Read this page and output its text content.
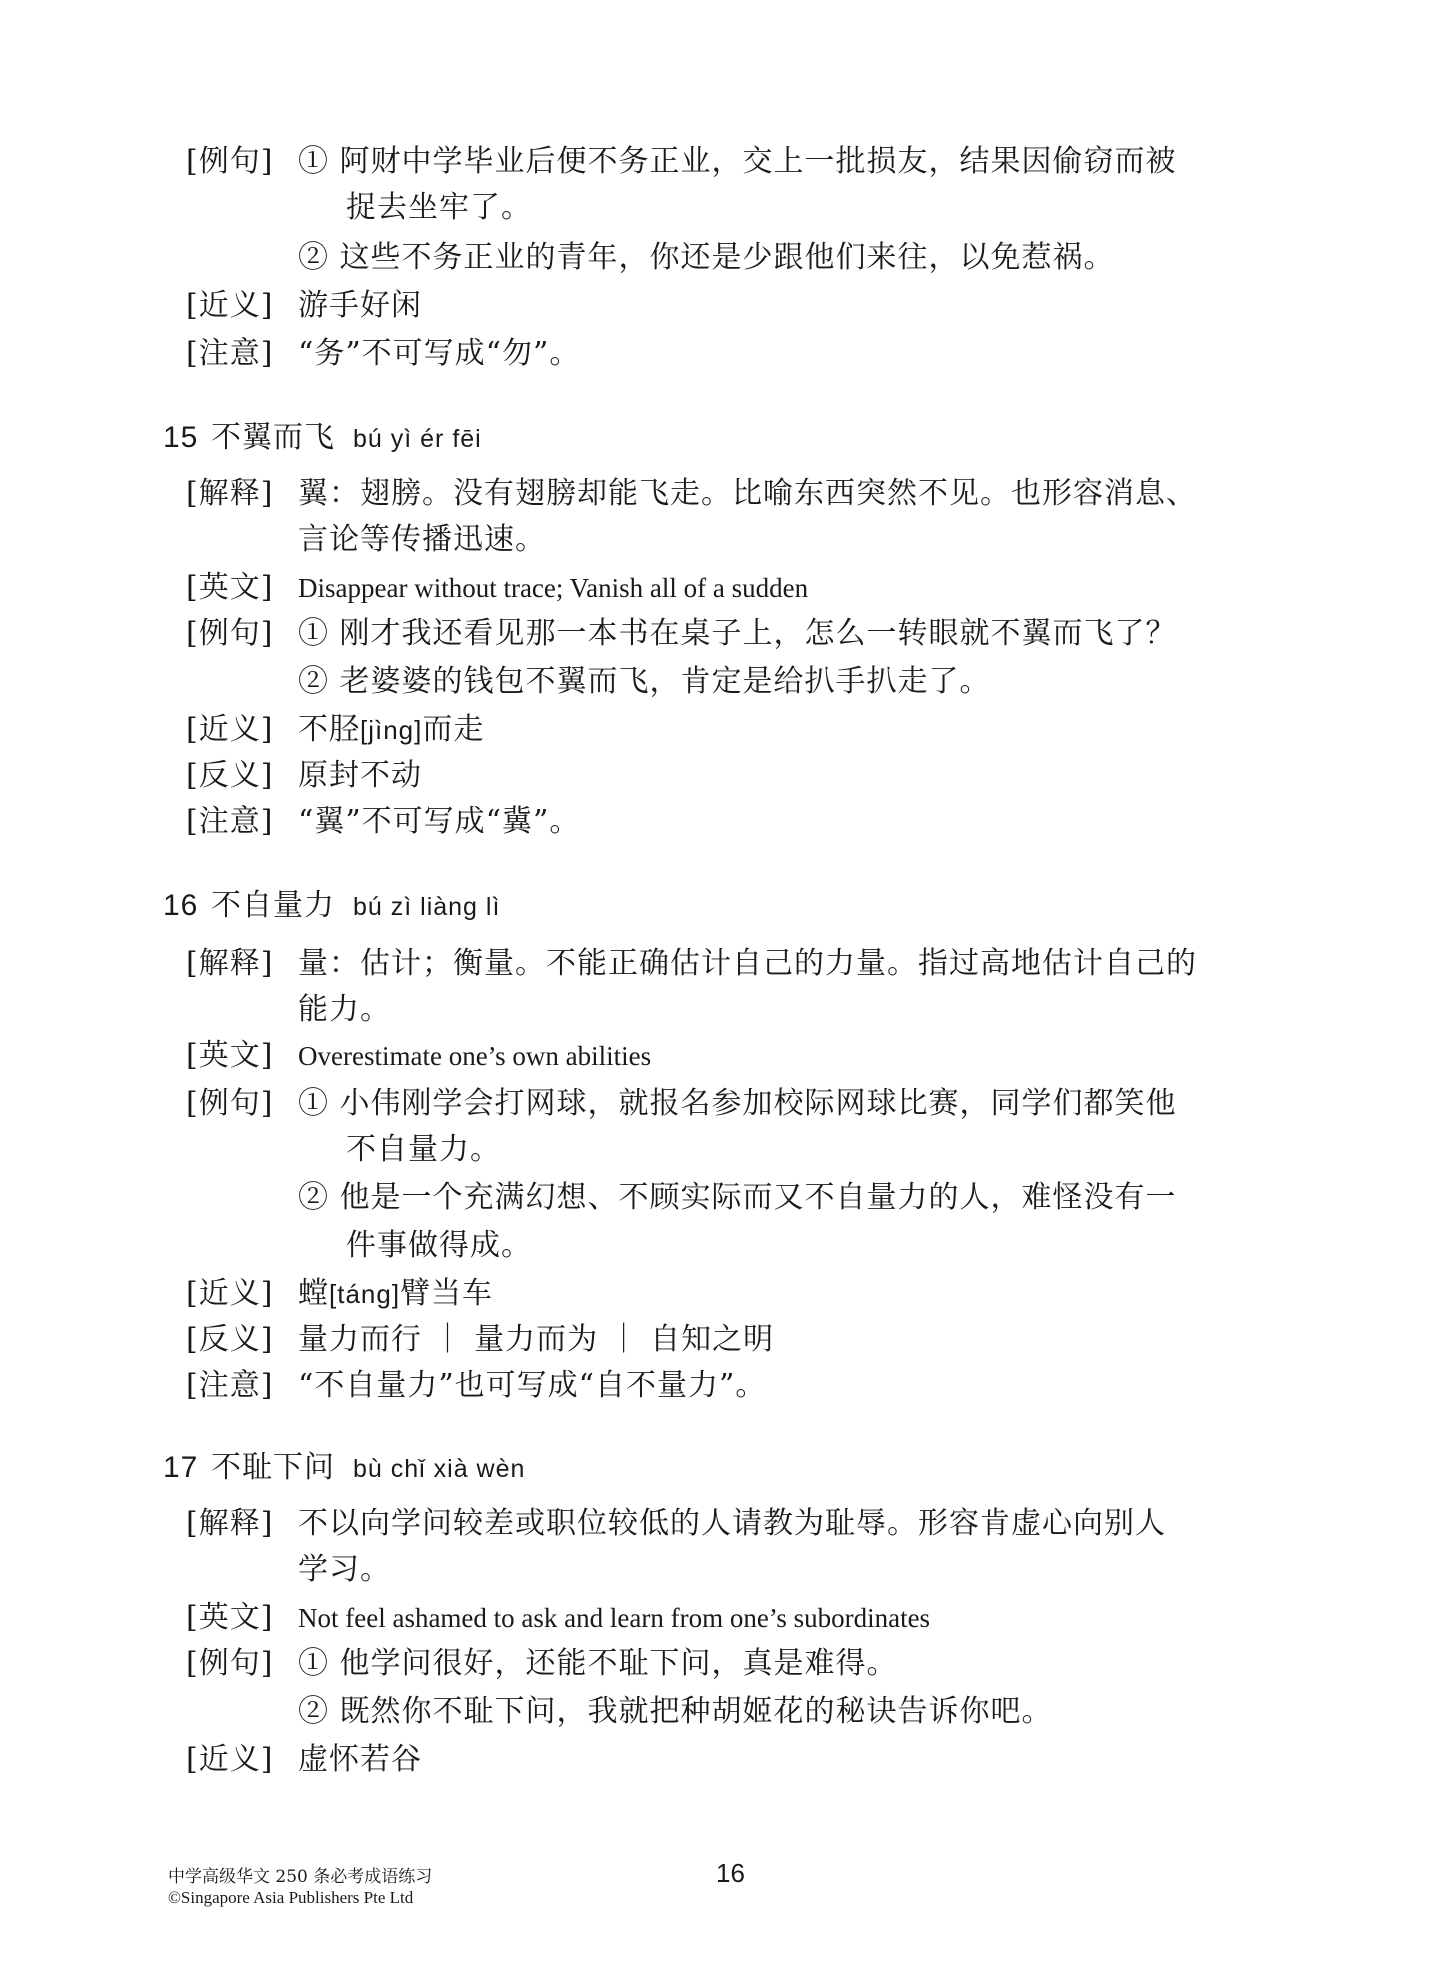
[例句] ① 阿财中学毕业后便不务正业，交上一批损友，结果因偷窃而被
捉去坐牢了。
② 这些不务正业的青年，你还是少跟他们来往，以免惹祸。
[近义] 游手好闲
[注意] “务”不可写成“勿”。
15 不翼而飞 bú yì ér fēi
[解释] 翼：翅膀。没有翅膀却能飞走。比喻东西突然不见。也形容消息、
言论等传播迅速。
[英文] Disappear without trace; Vanish all of a sudden
[例句] ① 刚才我还看见那一本书在桌子上，怎么一转眼就不翼而飞了？
② 老婆婆的钱包不翼而飞，肯定是给扒手扒走了。
[近义] 不胫[jìng]而走
[反义] 原封不动
[注意] “翼”不可写成“冀”。
16 不自量力 bú zì liàng lì
[解释] 量：估计；衡量。不能正确估计自己的力量。指过高地估计自己的
能力。
[英文] Overestimate one’s own abilities
[例句] ① 小伟刚学会打网球，就报名参加校际网球比赛，同学们都笑他
不自量力。
② 他是一个充满幻想、不顾实际而又不自量力的人，难怪没有一
件事做得成。
[近义] 螳[táng]臂当车
[反义] 量力而行 ｜ 量力而为 ｜ 自知之明
[注意] “不自量力”也可写成“自不量力”。
17 不耻下问 bù chǐ xià wèn
[解释] 不以向学问较差或职位较低的人请教为耻辱。形容肯虚心向别人
学习。
[英文] Not feel ashamed to ask and learn from one’s subordinates
[例句] ① 他学问很好，还能不耻下问，真是难得。
② 既然你不耻下问，我就把种胡姬花的秘诀告诉你吧。
[近义] 虚怀若谷
中学高级华文 250 条必考成语练习
©Singapore Asia Publishers Pte Ltd
16
